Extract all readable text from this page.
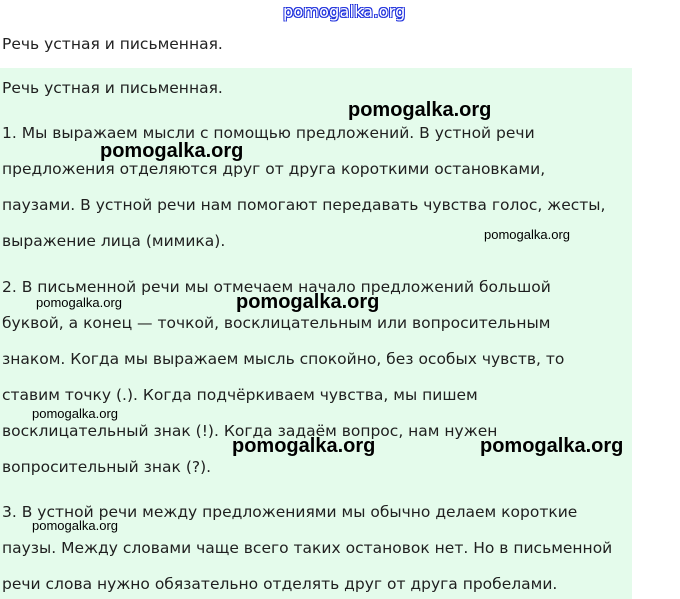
pomogalka.org
Речь устная и письменная.
Речь устная и письменная.
1. Мы выражаем мысли с помощью предложений. В устной речи
предложения отделяются друг от друга короткими остановками,
паузами. В устной речи нам помогают передавать чувства голос, жесты,
выражение лица (мимика).
2. В письменной речи мы отмечаем начало предложений большой
буквой, а конец — точкой, восклицательным или вопросительным
знаком. Когда мы выражаем мысль спокойно, без особых чувств, то
ставим точку (.). Когда подчёркиваем чувства, мы пишем
восклицательный знак (!). Когда задаём вопрос, нам нужен
вопросительный знак (?).
3. В устной речи между предложениями мы обычно делаем короткие
паузы. Между словами чаще всего таких остановок нет. Но в письменной
речи слова нужно обязательно отделять друг от друга пробелами.
pomogalka.org
pomogalka.org
pomogalka.org
pomogalka.org	pomogalka.org
pomogalka.org
pomogalka.org	pomogalka.org
pomogalka.org
